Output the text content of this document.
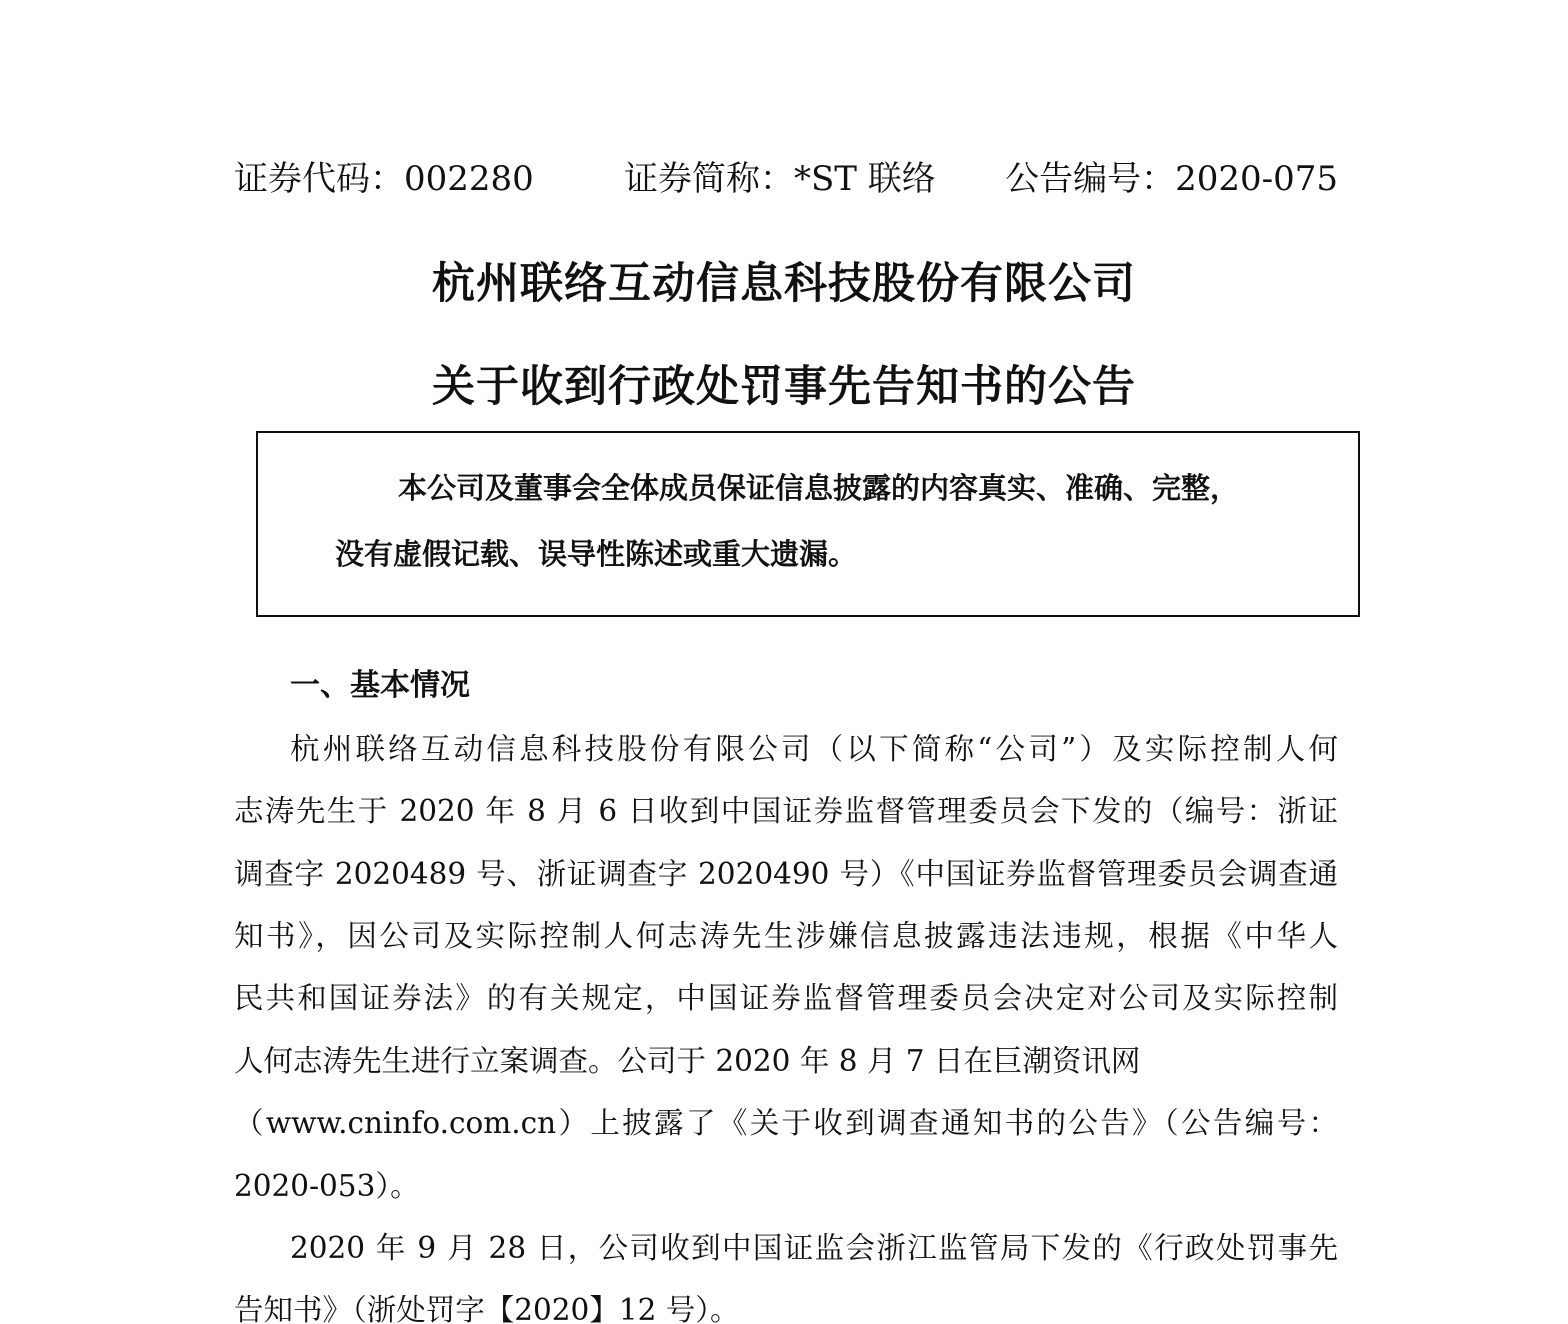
证券代码：002280	证券简称：*ST 联络 公告编号：2020-075
杭州联络互动信息科技股份有限公司
关于收到行政处罚事先告知书的公告
本公司及董事会全体成员保证信息披露的内容真实、准确、完整，
没有虚假记载、误导性陈述或重大遗漏。
一、基本情况
杭州联络互动信息科技股份有限公司（以下简称“公司”）及实际控制人何
志涛先生于 2020 年 8 月 6 日收到中国证券监督管理委员会下发的（编号：浙证
调查字 2020489 号、浙证调查字 2020490 号）《中国证券监督管理委员会调查通
知书》，因公司及实际控制人何志涛先生涉嫌信息披露违法违规，根据《中华人
民共和国证券法》的有关规定，中国证券监督管理委员会决定对公司及实际控制
人何志涛先生进行立案调查。公司于 2020 年 8 月 7 日在巨潮资讯网
（www.cninfo.com.cn）上披露了《关于收到调查通知书的公告》（公告编号：
2020-053）。
2020 年 9 月 28 日，公司收到中国证监会浙江监管局下发的《行政处罚事先
告知书》（浙处罚字【2020】12 号）。
